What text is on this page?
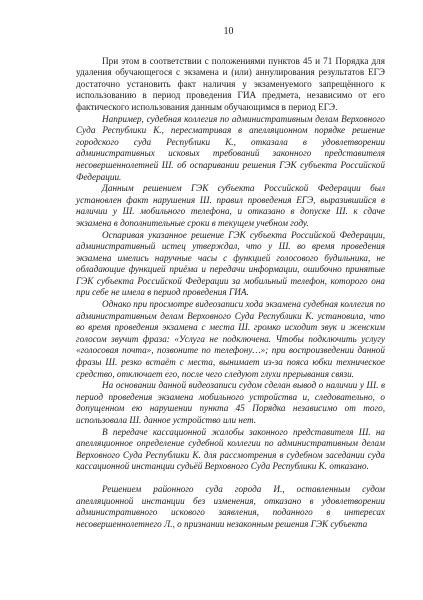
10

При этом в соответствии с положениями пунктов 45 и 71 Порядка для удаления обучающегося с экзамена и (или) аннулирования результатов ЕГЭ достаточно установить факт наличия у экзаменуемого запрещённого к использованию в период проведения ГИА предмета, независимо от его фактического использования данным обучающимся в период ЕГЭ.

Например, судебная коллегия по административным делам Верховного Суда Республики К., пересматривая в апелляционном порядке решение городского суда Республики К., отказала в удовлетворении административных исковых требований законного представителя несовершеннолетней Ш. об оспаривании решения ГЭК субъекта Российской Федерации.

Данным решением ГЭК субъекта Российской Федерации был установлен факт нарушения Ш. правил проведения ЕГЭ, выразившийся в наличии у Ш. мобильного телефона, и отказано в допуске Ш. к сдаче экзамена в дополнительные сроки в текущем учебном году.

Оспаривая указанное решение ГЭК субъекта Российской Федерации, административный истец утверждал, что у Ш. во время проведения экзамена имелись наручные часы с функцией голосового будильника, не обладающие функцией приёма и передачи информации, ошибочно принятые ГЭК субъекта Российской Федерации за мобильный телефон, которого она при себе не имела в период проведения ГИА.

Однако при просмотре видеозаписи хода экзамена судебная коллегия по административным делам Верховного Суда Республики К. установила, что во время проведения экзамена с места Ш. громко исходит звук и женским голосом звучит фраза: «Услуга не подключена. Чтобы подключить услугу «голосовая почта», позвоните по телефону…»; при воспроизведении данной фразы Ш. резко встаёт с места, вынимает из-за пояса юбки техническое средство, отключает его, после чего следуют глухи прерывания связи.

На основании данной видеозаписи судом сделан вывод о наличии у Ш. в период проведения экзамена мобильного устройства и, следовательно, о допущенном ею нарушении пункта 45 Порядка независимо от того, использовала Ш. данное устройство или нет.

В передаче кассационной жалобы законного представителя Ш. на апелляционное определение судебной коллегии по административным делам Верховного Суда Республики К. для рассмотрения в судебном заседании суда кассационной инстанции судьёй Верховного Суда Республики К. отказано.

Решением районного суда города И., оставленным судом апелляционной инстанции без изменения, отказано в удовлетворении административного искового заявления, поданного в интересах несовершеннолетнего Л., о признании незаконным решения ГЭК субъекта
